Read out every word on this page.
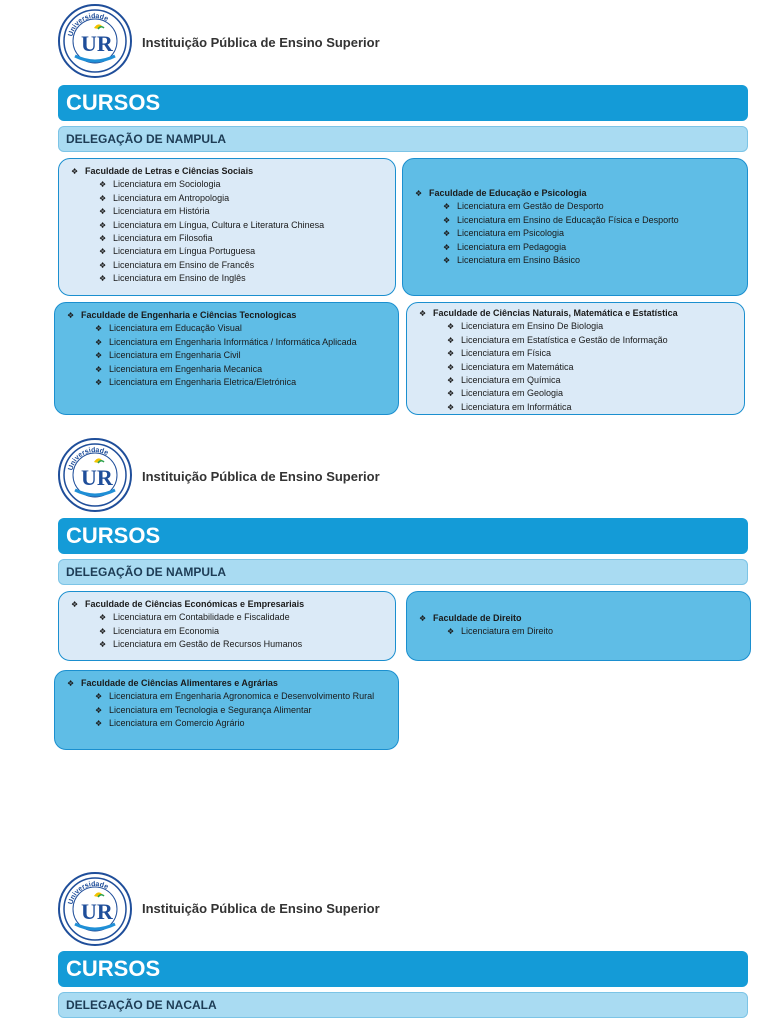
Universidade
UR Instituição Pública de Ensino Superior
CURSOS
DELEGAÇÃO DE NAMPULA
❖ Faculdade de Letras e Ciências Sociais
❖ Licenciatura em Sociologia
❖ Licenciatura em Antropologia
❖ Licenciatura em História
❖ Licenciatura em Língua, Cultura e Literatura Chinesa
❖ Licenciatura em Filosofia
❖ Licenciatura em Língua Portuguesa
❖ Licenciatura em Ensino de Francês
❖ Licenciatura em Ensino de Inglês
❖ Faculdade de Educação e Psicologia
❖ Licenciatura em Gestão de Desporto
❖ Licenciatura em Ensino de Educação Física e Desporto
❖ Licenciatura em Psicologia
❖ Licenciatura em Pedagogia
❖ Licenciatura em Ensino Básico
❖ Faculdade de Engenharia e Ciências Tecnologicas
❖ Licenciatura em Educação Visual
❖ Licenciatura em Engenharia Informática / Informática Aplicada
❖ Licenciatura em Engenharia Civil
❖ Licenciatura em Engenharia Mecanica
❖ Licenciatura em Engenharia Eletrica/Eletrónica
❖ Faculdade de Ciências Naturais, Matemática e Estatística
❖ Licenciatura em Ensino De Biologia
❖ Licenciatura em Estatística e Gestão de Informação
❖ Licenciatura em Física
❖ Licenciatura em Matemática
❖ Licenciatura em Química
❖ Licenciatura em Geologia
❖ Licenciatura em Informática
Universidade
UR Instituição Pública de Ensino Superior
CURSOS
DELEGAÇÃO DE NAMPULA
❖ Faculdade de Ciências Económicas e Empresariais
❖ Licenciatura em Contabilidade e Fiscalidade
❖ Licenciatura em Economia
❖ Licenciatura em Gestão de Recursos Humanos
❖ Faculdade de Direito
❖ Licenciatura em Direito
❖ Faculdade de Ciências Alimentares e Agrárias
❖ Licenciatura em Engenharia Agronomica e Desenvolvimento Rural
❖ Licenciatura em Tecnologia e Segurança Alimentar
❖ Licenciatura em Comercio Agrário
Universidade
UR Instituição Pública de Ensino Superior
CURSOS
DELEGAÇÃO DE NACALA
